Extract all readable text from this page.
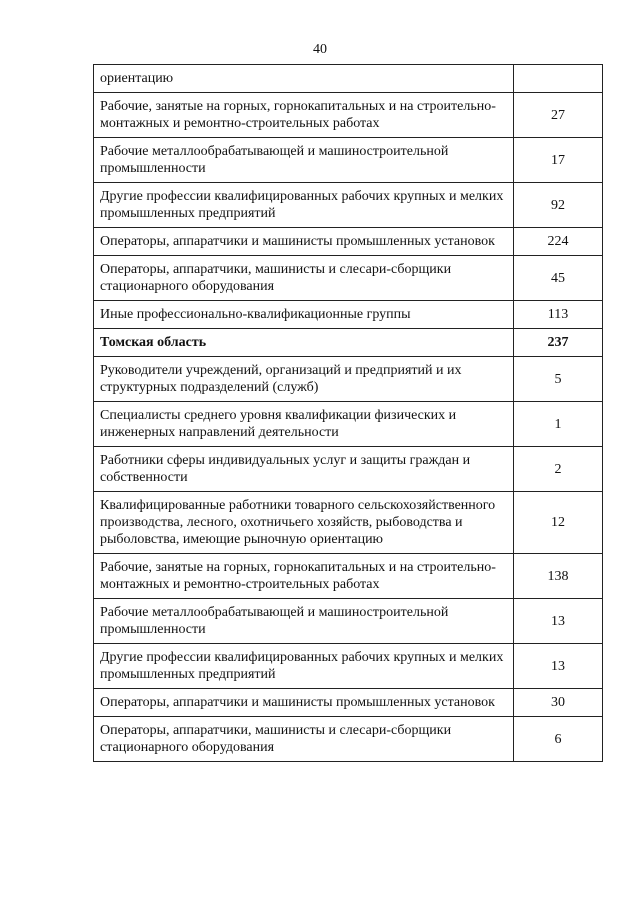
40
ориентацию	
Рабочие, занятые на горных, горнокапитальных и на строительно-монтажных и ремонтно-строительных работах	27
Рабочие металлообрабатывающей и машиностроительной промышленности	17
Другие профессии квалифицированных рабочих крупных и мелких промышленных предприятий	92
Операторы, аппаратчики и машинисты промышленных установок	224
Операторы, аппаратчики, машинисты и слесари-сборщики стационарного оборудования	45
Иные профессионально-квалификационные группы	113
Томская область	237
Руководители учреждений, организаций и предприятий и их структурных подразделений (служб)	5
Специалисты среднего уровня квалификации физических и инженерных направлений деятельности	1
Работники сферы индивидуальных услуг и защиты граждан и собственности	2
Квалифицированные работники товарного сельскохозяйственного производства, лесного, охотничьего хозяйств, рыбоводства и рыболовства, имеющие рыночную ориентацию	12
Рабочие, занятые на горных, горнокапитальных и на строительно-монтажных и ремонтно-строительных работах	138
Рабочие металлообрабатывающей и машиностроительной промышленности	13
Другие профессии квалифицированных рабочих крупных и мелких промышленных предприятий	13
Операторы, аппаратчики и машинисты промышленных установок	30
Операторы, аппаратчики, машинисты и слесари-сборщики стационарного оборудования	6
